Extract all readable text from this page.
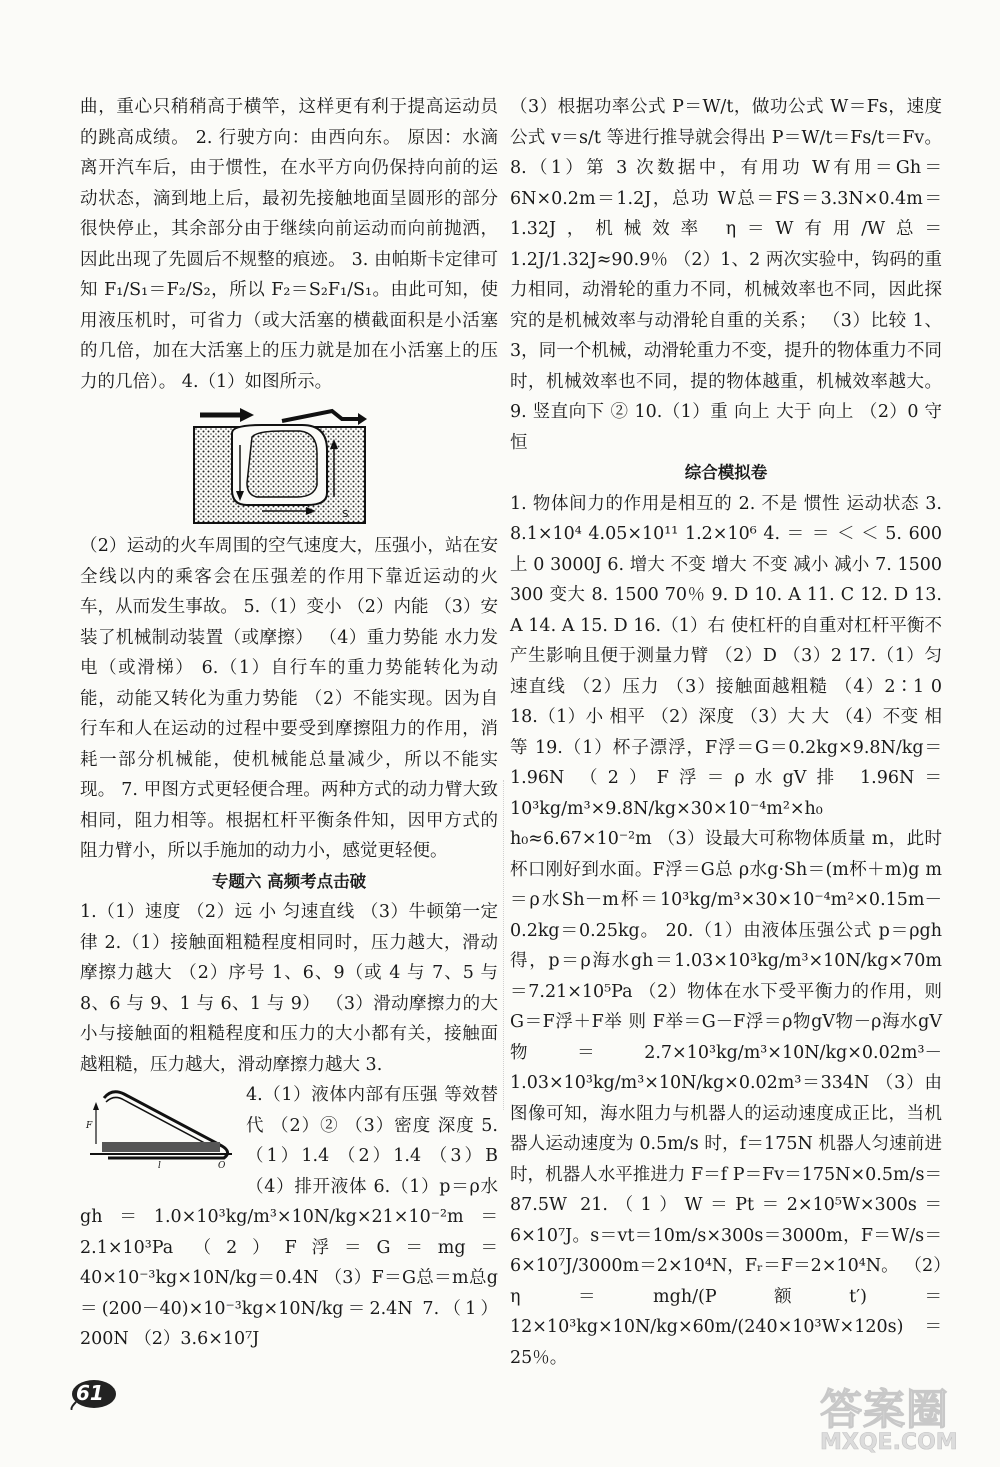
曲，重心只稍稍高于横竿，这样更有利于提高运动员的跳高成绩。 2. 行驶方向：由西向东。 原因：水滴离开汽车后，由于惯性，在水平方向仍保持向前的运动状态，滴到地上后，最初先接触地面呈圆形的部分很快停止，其余部分由于继续向前运动而向前抛洒，因此出现了先圆后不规整的痕迹。 3. 由帕斯卡定律可知 F₁/S₁＝F₂/S₂，所以 F₂＝S₂F₁/S₁。由此可知，使用液压机时，可省力（或大活塞的横截面积是小活塞的几倍，加在大活塞上的压力就是加在小活塞上的压力的几倍）。 4.（1）如图所示。

S

（2）运动的火车周围的空气速度大，压强小，站在安全线以内的乘客会在压强差的作用下靠近运动的火车，从而发生事故。 5.（1）变小 （2）内能 （3）安装了机械制动装置（或摩擦） （4）重力势能 水力发电（或滑梯） 6.（1）自行车的重力势能转化为动能，动能又转化为重力势能 （2）不能实现。因为自行车和人在运动的过程中要受到摩擦阻力的作用，消耗一部分机械能，使机械能总量减少，所以不能实现。 7. 甲图方式更轻便合理。两种方式的动力臂大致相同，阻力相等。根据杠杆平衡条件知，因甲方式的阻力臂小，所以手施加的动力小，感觉更轻便。

专题六 高频考点击破

1.（1）速度 （2）远 小 匀速直线 （3）牛顿第一定律 2.（1）接触面粗糙程度相同时，压力越大，滑动摩擦力越大 （2）序号 1、6、9（或 4 与 7、5 与 8、6 与 9、1 与 6、1 与 9） （3）滑动摩擦力的大小与接触面的粗糙程度和压力的大小都有关，接触面越粗糙，压力越大，滑动摩擦力越大 3.

F
O
l

4.（1）液体内部有压强 等效替代 （2）② （3）密度 深度 5.（1）1.4 （2）1.4 （3）B （4）排开液体 6.（1）p＝ρ水gh＝1.0×10³kg/m³×10N/kg×21×10⁻²m＝2.1×10³Pa （2）F浮＝G＝mg＝40×10⁻³kg×10N/kg＝0.4N （3）F＝G总＝m总g＝(200－40)×10⁻³kg×10N/kg＝2.4N 7.（1）200N （2）3.6×10⁷J

（3）根据功率公式 P＝W/t，做功公式 W＝Fs，速度公式 v＝s/t 等进行推导就会得出 P＝W/t＝Fs/t＝Fv。 8.（1）第 3 次数据中，有用功 W有用＝Gh＝6N×0.2m＝1.2J，总功 W总＝FS＝3.3N×0.4m＝1.32J，机械效率 η＝W有用/W总＝1.2J/1.32J≈90.9％ （2）1、2 两次实验中，钩码的重力相同，动滑轮的重力不同，机械效率也不同，因此探究的是机械效率与动滑轮自重的关系； （3）比较 1、3，同一个机械，动滑轮重力不变，提升的物体重力不同时，机械效率也不同，提的物体越重，机械效率越大。 9. 竖直向下 ② 10.（1）重 向上 大于 向上 （2）0 守恒

综合模拟卷

1. 物体间力的作用是相互的 2. 不是 惯性 运动状态 3. 8.1×10⁴ 4.05×10¹¹ 1.2×10⁶ 4. ＝ ＝ ＜ ＜ 5. 600 上 0 3000J 6. 增大 不变 增大 不变 减小 减小 7. 1500 300 变大 8. 1500 70％ 9. D 10. A 11. C 12. D 13. A 14. A 15. D 16.（1）右 使杠杆的自重对杠杆平衡不产生影响且便于测量力臂 （2）D （3）2 17.（1）匀速直线 （2）压力 （3）接触面越粗糙 （4）2∶1 0 18.（1）小 相平 （2）深度 （3）大 大 （4）不变 相等 19.（1）杯子漂浮，F浮＝G＝0.2kg×9.8N/kg＝1.96N （2）F浮＝ρ水gV排 1.96N＝10³kg/m³×9.8N/kg×30×10⁻⁴m²×h₀ h₀≈6.67×10⁻²m （3）设最大可称物体质量 m，此时杯口刚好到水面。F浮＝G总 ρ水g·Sh＝(m杯＋m)g m＝ρ水Sh－m杯＝10³kg/m³×30×10⁻⁴m²×0.15m－0.2kg＝0.25kg。 20.（1）由液体压强公式 p＝ρgh 得，p＝ρ海水gh＝1.03×10³kg/m³×10N/kg×70m＝7.21×10⁵Pa （2）物体在水下受平衡力的作用，则 G＝F浮＋F举 则 F举＝G－F浮＝ρ物gV物－ρ海水gV物＝2.7×10³kg/m³×10N/kg×0.02m³－1.03×10³kg/m³×10N/kg×0.02m³＝334N （3）由图像可知，海水阻力与机器人的运动速度成正比，当机器人运动速度为 0.5m/s 时，f＝175N 机器人匀速前进时，机器人水平推进力 F＝f P＝Fv＝175N×0.5m/s＝87.5W 21.（1）W＝Pt＝2×10⁵W×300s＝6×10⁷J。s＝vt＝10m/s×300s＝3000m，F＝W/s＝6×10⁷J/3000m＝2×10⁴N，Fᵣ＝F＝2×10⁴N。 （2）η＝mgh/(P额t′)＝12×10³kg×10N/kg×60m/(240×10³W×120s)＝25％。

61	答案圈
MXQE.COM
